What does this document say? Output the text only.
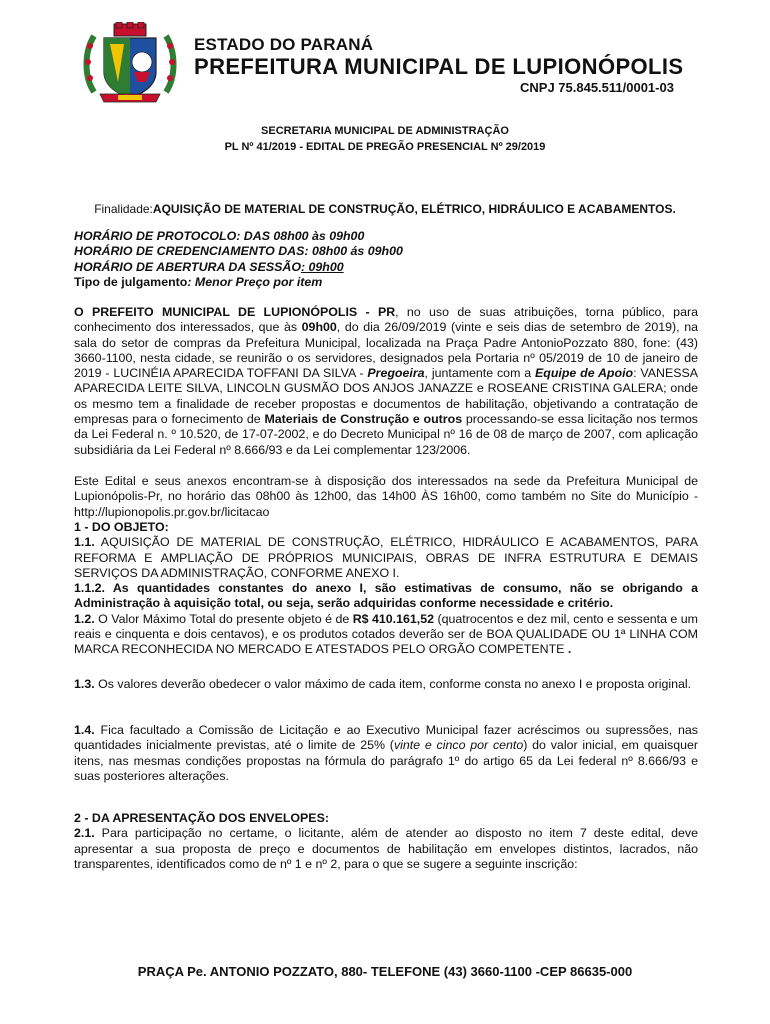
ESTADO DO PARANÁ
PREFEITURA MUNICIPAL DE LUPIONÓPOLIS
CNPJ 75.845.511/0001-03
SECRETARIA MUNICIPAL DE ADMINISTRAÇÃO
PL Nº 41/2019 - EDITAL DE PREGÃO PRESENCIAL Nº 29/2019
Finalidade:AQUISIÇÃO DE MATERIAL DE CONSTRUÇÃO, ELÉTRICO, HIDRÁULICO E ACABAMENTOS.
HORÁRIO DE PROTOCOLO: DAS 08h00 às 09h00
HORÁRIO DE CREDENCIAMENTO DAS: 08h00 ás 09h00
HORÁRIO DE ABERTURA DA SESSÃO: 09h00
Tipo de julgamento: Menor Preço por item
O PREFEITO MUNICIPAL DE LUPIONÓPOLIS - PR, no uso de suas atribuições, torna público, para conhecimento dos interessados, que às 09h00, do dia 26/09/2019 (vinte e seis dias de setembro de 2019), na sala do setor de compras da Prefeitura Municipal, localizada na Praça Padre AntonioPozzato 880, fone: (43) 3660-1100, nesta cidade, se reunirão o os servidores, designados pela Portaria nº 05/2019 de 10 de janeiro de 2019 - LUCINÉIA APARECIDA TOFFANI DA SILVA - Pregoeira, juntamente com a Equipe de Apoio: VANESSA APARECIDA LEITE SILVA, LINCOLN GUSMÃO DOS ANJOS JANAZZE e ROSEANE CRISTINA GALERA; onde os mesmo tem a finalidade de receber propostas e documentos de habilitação, objetivando a contratação de empresas para o fornecimento de Materiais de Construção e outros processando-se essa licitação nos termos da Lei Federal n. º 10.520, de 17-07-2002, e do Decreto Municipal nº 16 de 08 de março de 2007, com aplicação subsidiária da Lei Federal nº 8.666/93 e da Lei complementar 123/2006.
Este Edital e seus anexos encontram-se à disposição dos interessados na sede da Prefeitura Municipal de Lupionópolis-Pr, no horário das 08h00 às 12h00, das 14h00 ÀS 16h00, como também no Site do Município - http://lupionopolis.pr.gov.br/licitacao
1 - DO OBJETO:
1.1. AQUISIÇÃO DE MATERIAL DE CONSTRUÇÃO, ELÉTRICO, HIDRÁULICO E ACABAMENTOS, PARA REFORMA E AMPLIAÇÃO DE PRÓPRIOS MUNICIPAIS, OBRAS DE INFRA ESTRUTURA E DEMAIS SERVIÇOS DA ADMINISTRAÇÃO, CONFORME ANEXO I.
1.1.2. As quantidades constantes do anexo I, são estimativas de consumo, não se obrigando a Administração à aquisição total, ou seja, serão adquiridas conforme necessidade e critério.
1.2. O Valor Máximo Total do presente objeto é de R$ 410.161,52 (quatrocentos e dez mil, cento e sessenta e um reais e cinquenta e dois centavos), e os produtos cotados deverão ser de BOA QUALIDADE OU 1ª LINHA COM MARCA RECONHECIDA NO MERCADO E ATESTADOS PELO ORGÃO COMPETENTE .
1.3. Os valores deverão obedecer o valor máximo de cada item, conforme consta no anexo I e proposta original.
1.4. Fica facultado a Comissão de Licitação e ao Executivo Municipal fazer acréscimos ou supressões, nas quantidades inicialmente previstas, até o limite de 25% (vinte e cinco por cento) do valor inicial, em quaisquer itens, nas mesmas condições propostas na fórmula do parágrafo 1º do artigo 65 da Lei federal nº 8.666/93 e suas posteriores alterações.
2 - DA APRESENTAÇÃO DOS ENVELOPES:
2.1. Para participação no certame, o licitante, além de atender ao disposto no item 7 deste edital, deve apresentar a sua proposta de preço e documentos de habilitação em envelopes distintos, lacrados, não transparentes, identificados como de nº 1 e nº 2, para o que se sugere a seguinte inscrição:
PRAÇA Pe. ANTONIO POZZATO, 880- TELEFONE (43) 3660-1100 -CEP 86635-000
